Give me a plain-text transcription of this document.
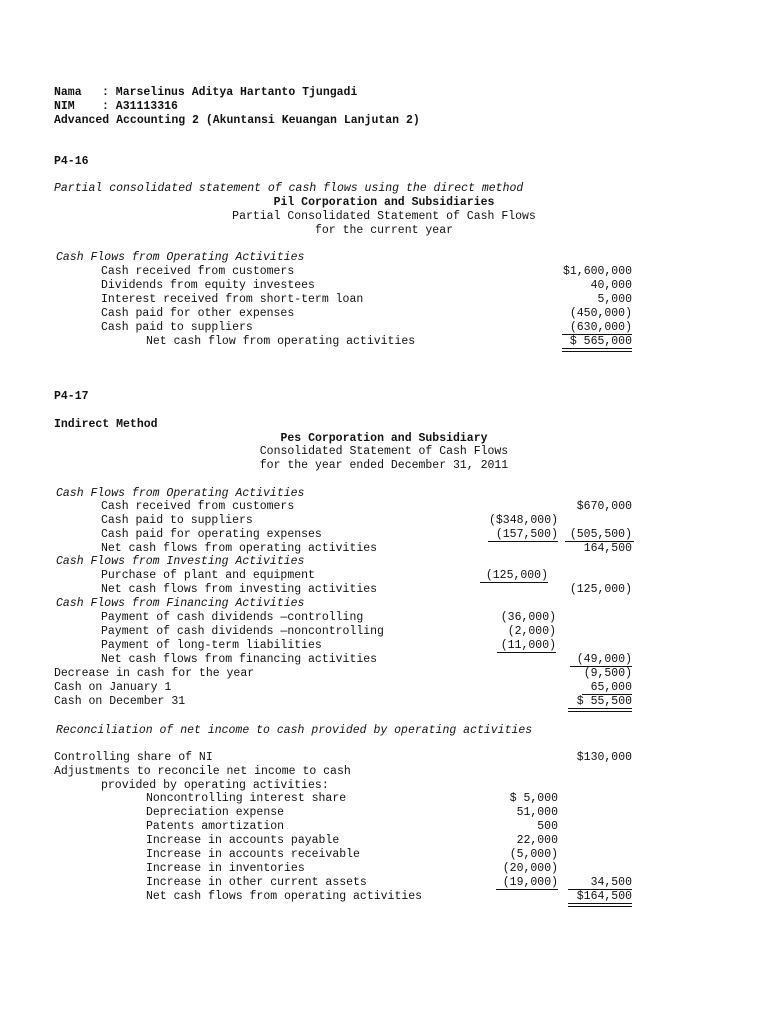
Nama : Marselinus Aditya Hartanto Tjungadi
NIM : A31113316
Advanced Accounting 2 (Akuntansi Keuangan Lanjutan 2)
P4-16
Partial consolidated statement of cash flows using the direct method
Pil Corporation and Subsidiaries
Partial Consolidated Statement of Cash Flows
for the current year
Cash Flows from Operating Activities
Cash received from customers	$1,600,000
Dividends from equity investees	40,000
Interest received from short-term loan	5,000
Cash paid for other expenses	(450,000)
Cash paid to suppliers	(630,000)
Net cash flow from operating activities	$ 565,000
P4-17
Indirect Method
Pes Corporation and Subsidiary
Consolidated Statement of Cash Flows
for the year ended December 31, 2011
Cash Flows from Operating Activities
Cash received from customers	$670,000
Cash paid to suppliers	($348,000)
Cash paid for operating expenses	(157,500)	(505,500)
Net cash flows from operating activities	164,500
Cash Flows from Investing Activities
Purchase of plant and equipment	(125,000)
Net cash flows from investing activities	(125,000)
Cash Flows from Financing Activities
Payment of cash dividends —controlling	(36,000)
Payment of cash dividends —noncontrolling	(2,000)
Payment of long-term liabilities	(11,000)
Net cash flows from financing activities	(49,000)
Decrease in cash for the year	(9,500)
Cash on January 1	65,000
Cash on December 31	$ 55,500
Reconciliation of net income to cash provided by operating activities
Controlling share of NI	$130,000
Adjustments to reconcile net income to cash
provided by operating activities:
Noncontrolling interest share	$ 5,000
Depreciation expense	51,000
Patents amortization	500
Increase in accounts payable	22,000
Increase in accounts receivable	(5,000)
Increase in inventories	(20,000)
Increase in other current assets	(19,000)	34,500
Net cash flows from operating activities	$164,500
